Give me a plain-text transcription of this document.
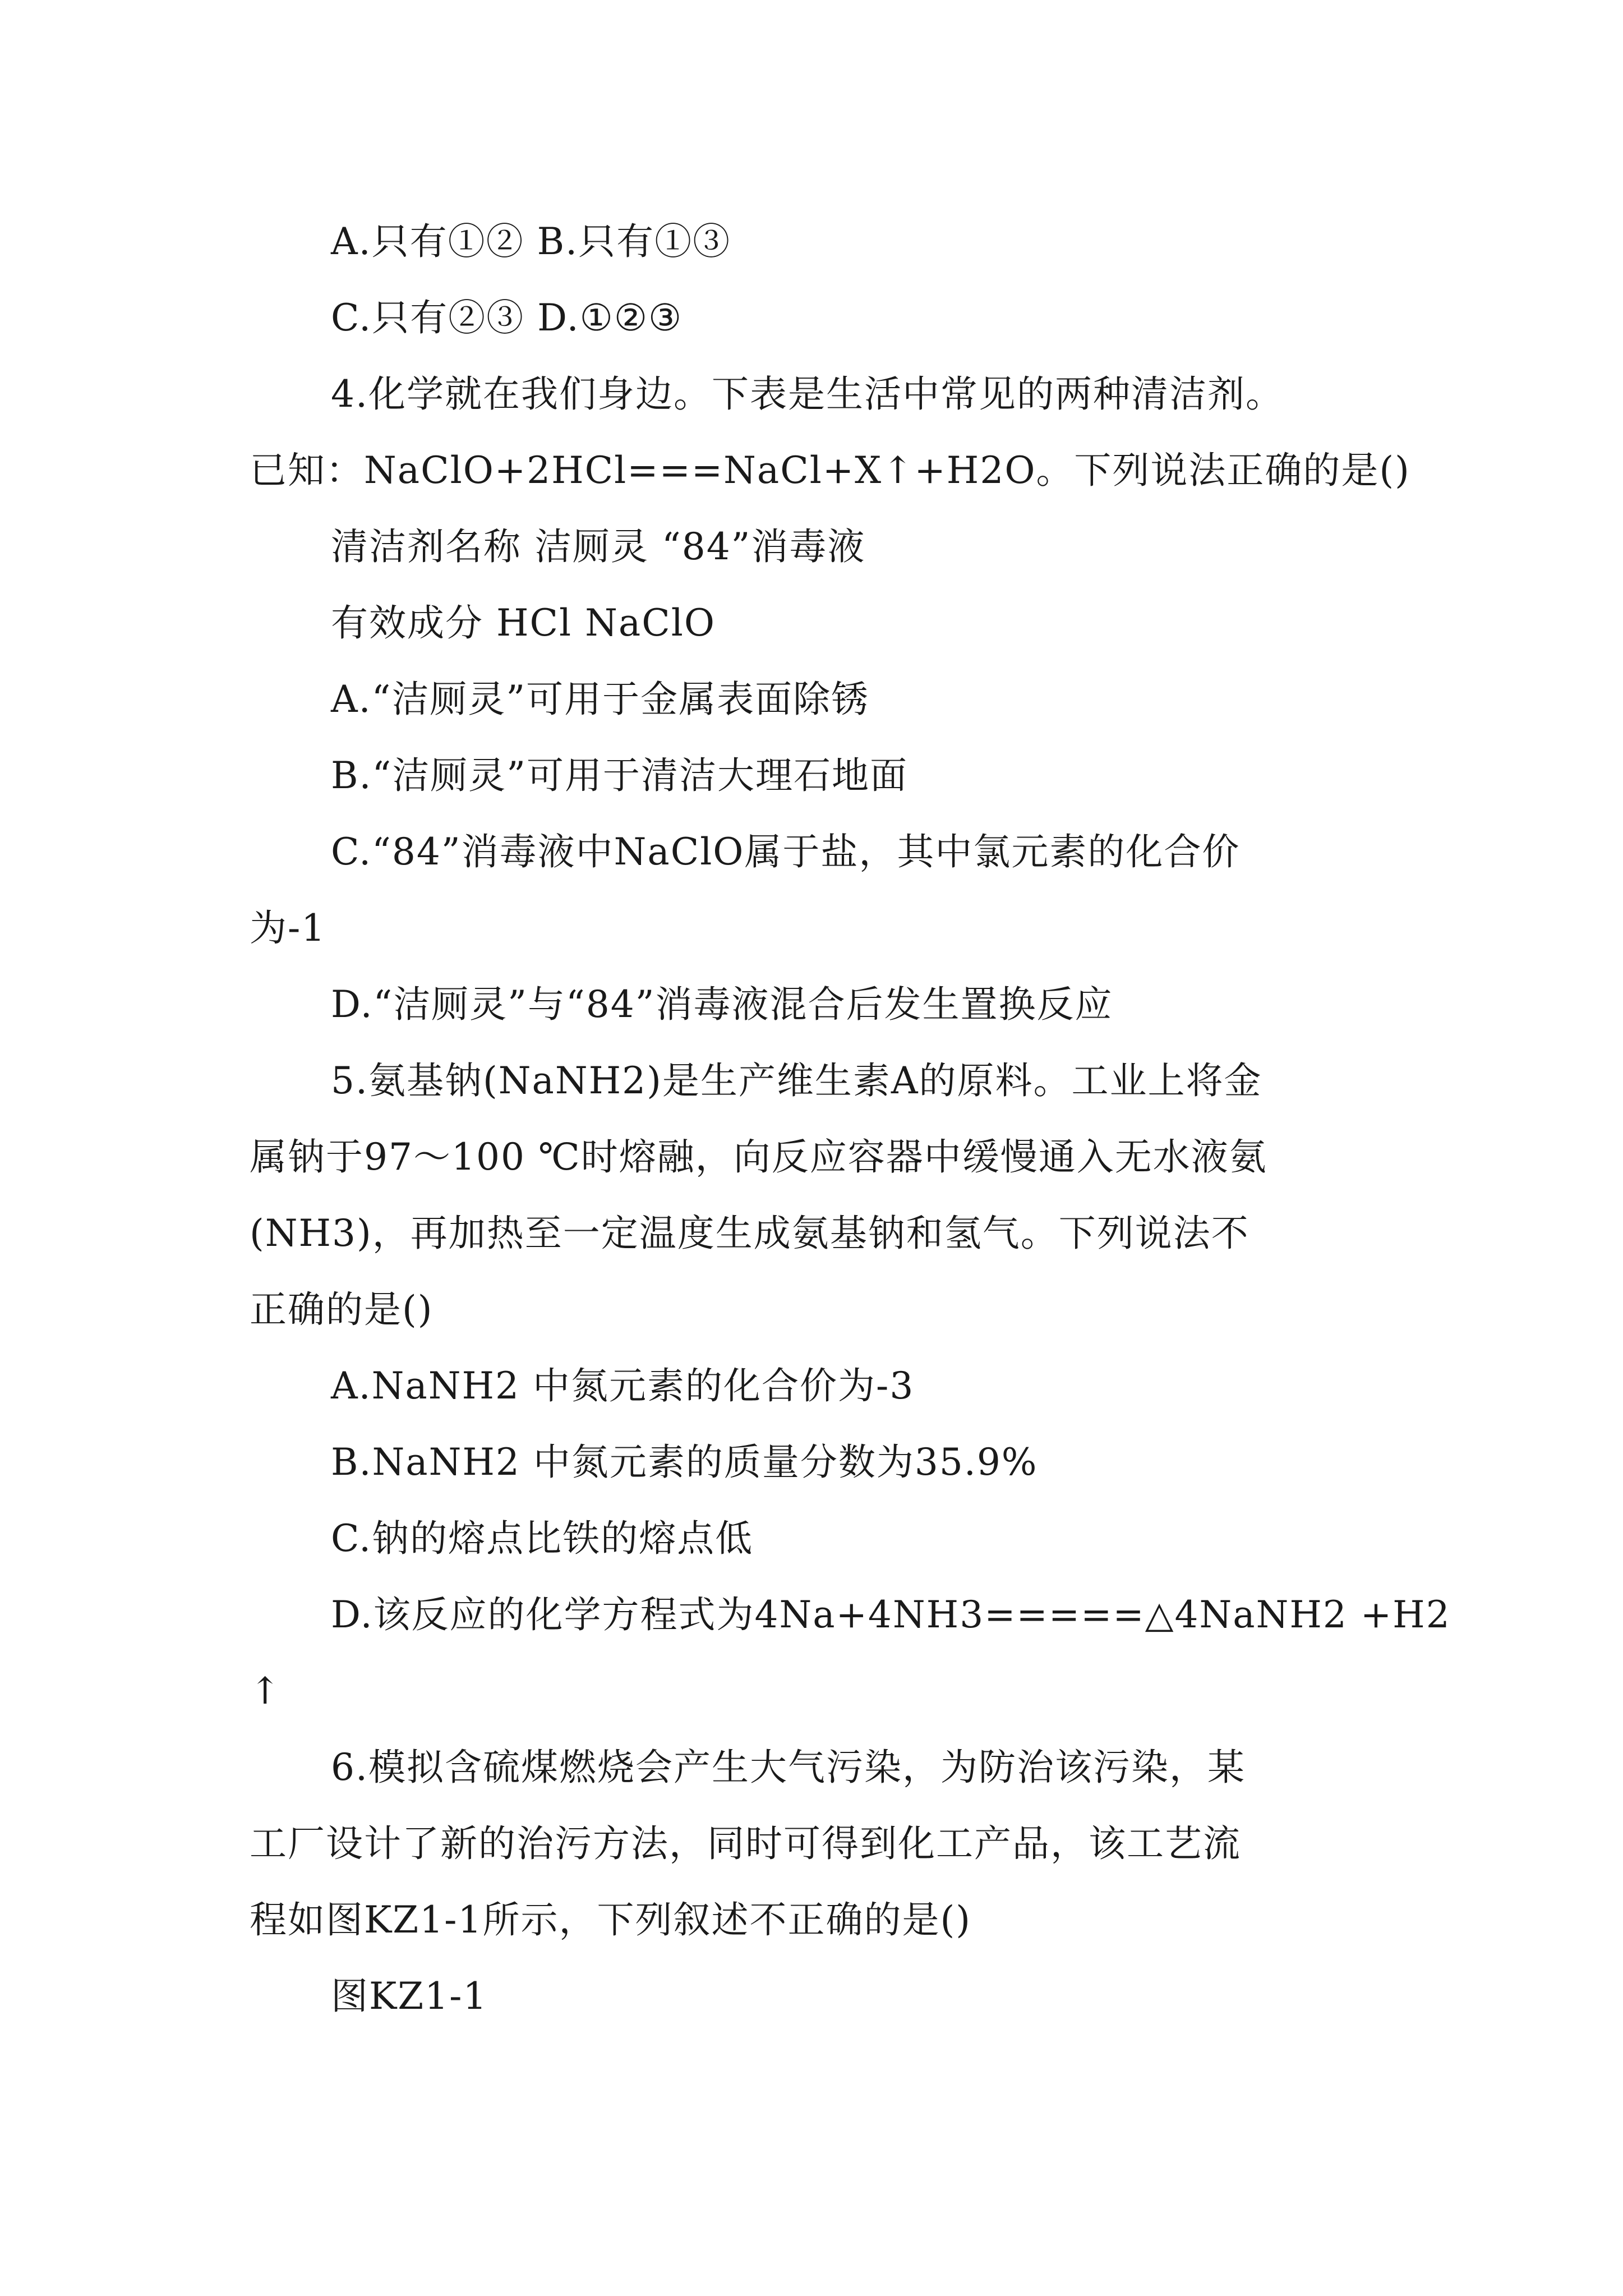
A.只有①② B.只有①③
C.只有②③ D.①②③
4.化学就在我们身边。下表是生活中常见的两种清洁剂。
已知：NaClO+2HCl===NaCl+X↑+H2O。下列说法正确的是()
清洁剂名称 洁厕灵 “84”消毒液
有效成分 HCl NaClO
A.“洁厕灵”可用于金属表面除锈
B.“洁厕灵”可用于清洁大理石地面
C.“84”消毒液中NaClO属于盐，其中氯元素的化合价
为-1
D.“洁厕灵”与“84”消毒液混合后发生置换反应
5.氨基钠(NaNH2)是生产维生素A的原料。工业上将金
属钠于97～100 ℃时熔融，向反应容器中缓慢通入无水液氨
(NH3)，再加热至一定温度生成氨基钠和氢气。下列说法不
正确的是()
A.NaNH2 中氮元素的化合价为-3
B.NaNH2 中氮元素的质量分数为35.9%
C.钠的熔点比铁的熔点低
D.该反应的化学方程式为4Na+4NH3=====△4NaNH2 +H2
↑
6.模拟含硫煤燃烧会产生大气污染，为防治该污染，某
工厂设计了新的治污方法，同时可得到化工产品，该工艺流
程如图KZ1-1所示，下列叙述不正确的是()
图KZ1-1
